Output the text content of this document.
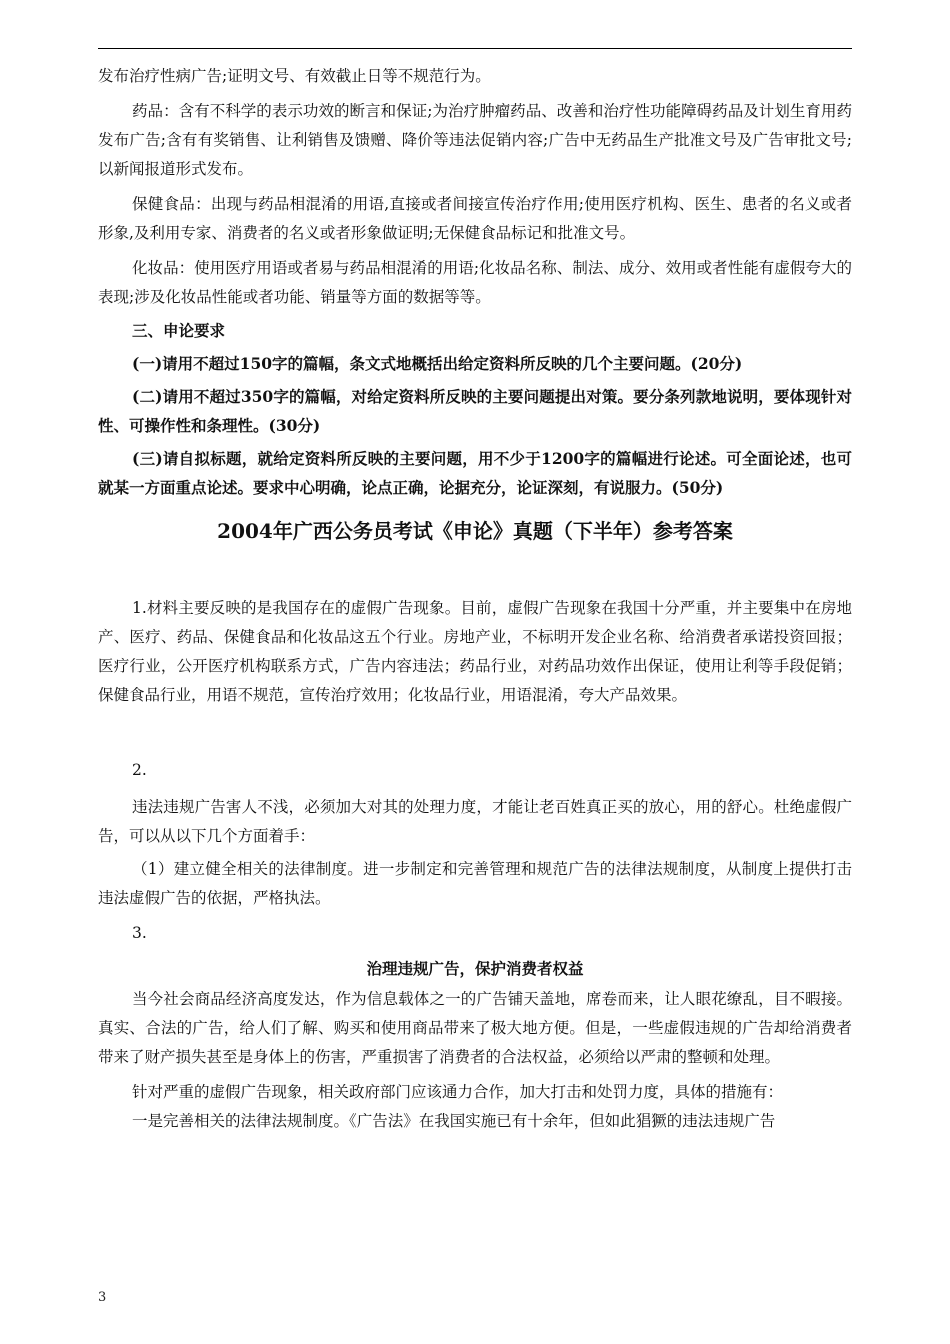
发布治疗性病广告;证明文号、有效截止日等不规范行为。

药品：含有不科学的表示功效的断言和保证;为治疗肿瘤药品、改善和治疗性功能障碍药品及计划生育用药发布广告;含有有奖销售、让利销售及馈赠、降价等违法促销内容;广告中无药品生产批准文号及广告审批文号;以新闻报道形式发布。

保健食品：出现与药品相混淆的用语,直接或者间接宣传治疗作用;使用医疗机构、医生、患者的名义或者形象,及利用专家、消费者的名义或者形象做证明;无保健食品标记和批准文号。

化妆品：使用医疗用语或者易与药品相混淆的用语;化妆品名称、制法、成分、效用或者性能有虚假夸大的表现;涉及化妆品性能或者功能、销量等方面的数据等等。

三、申论要求

(一)请用不超过150字的篇幅，条文式地概括出给定资料所反映的几个主要问题。(20分)

(二)请用不超过350字的篇幅，对给定资料所反映的主要问题提出对策。要分条列款地说明，要体现针对性、可操作性和条理性。(30分)

(三)请自拟标题，就给定资料所反映的主要问题，用不少于1200字的篇幅进行论述。可全面论述，也可就某一方面重点论述。要求中心明确，论点正确，论据充分，论证深刻，有说服力。(50分)

2004年广西公务员考试《申论》真题（下半年）参考答案

1.材料主要反映的是我国存在的虚假广告现象。目前，虚假广告现象在我国十分严重，并主要集中在房地产、医疗、药品、保健食品和化妆品这五个行业。房地产业，不标明开发企业名称、给消费者承诺投资回报；医疗行业，公开医疗机构联系方式，广告内容违法；药品行业，对药品功效作出保证，使用让利等手段促销；保健食品行业，用语不规范，宣传治疗效用；化妆品行业，用语混淆，夸大产品效果。

2.

违法违规广告害人不浅，必须加大对其的处理力度，才能让老百姓真正买的放心，用的舒心。杜绝虚假广告，可以从以下几个方面着手：

（1）建立健全相关的法律制度。进一步制定和完善管理和规范广告的法律法规制度，从制度上提供打击违法虚假广告的依据，严格执法。

3.

治理违规广告，保护消费者权益

当今社会商品经济高度发达，作为信息载体之一的广告铺天盖地，席卷而来，让人眼花缭乱，目不暇接。真实、合法的广告，给人们了解、购买和使用商品带来了极大地方便。但是，一些虚假违规的广告却给消费者带来了财产损失甚至是身体上的伤害，严重损害了消费者的合法权益，必须给以严肃的整顿和处理。

针对严重的虚假广告现象，相关政府部门应该通力合作，加大打击和处罚力度，具体的措施有：

一是完善相关的法律法规制度。《广告法》在我国实施已有十余年，但如此猖獗的违法违规广告

3
